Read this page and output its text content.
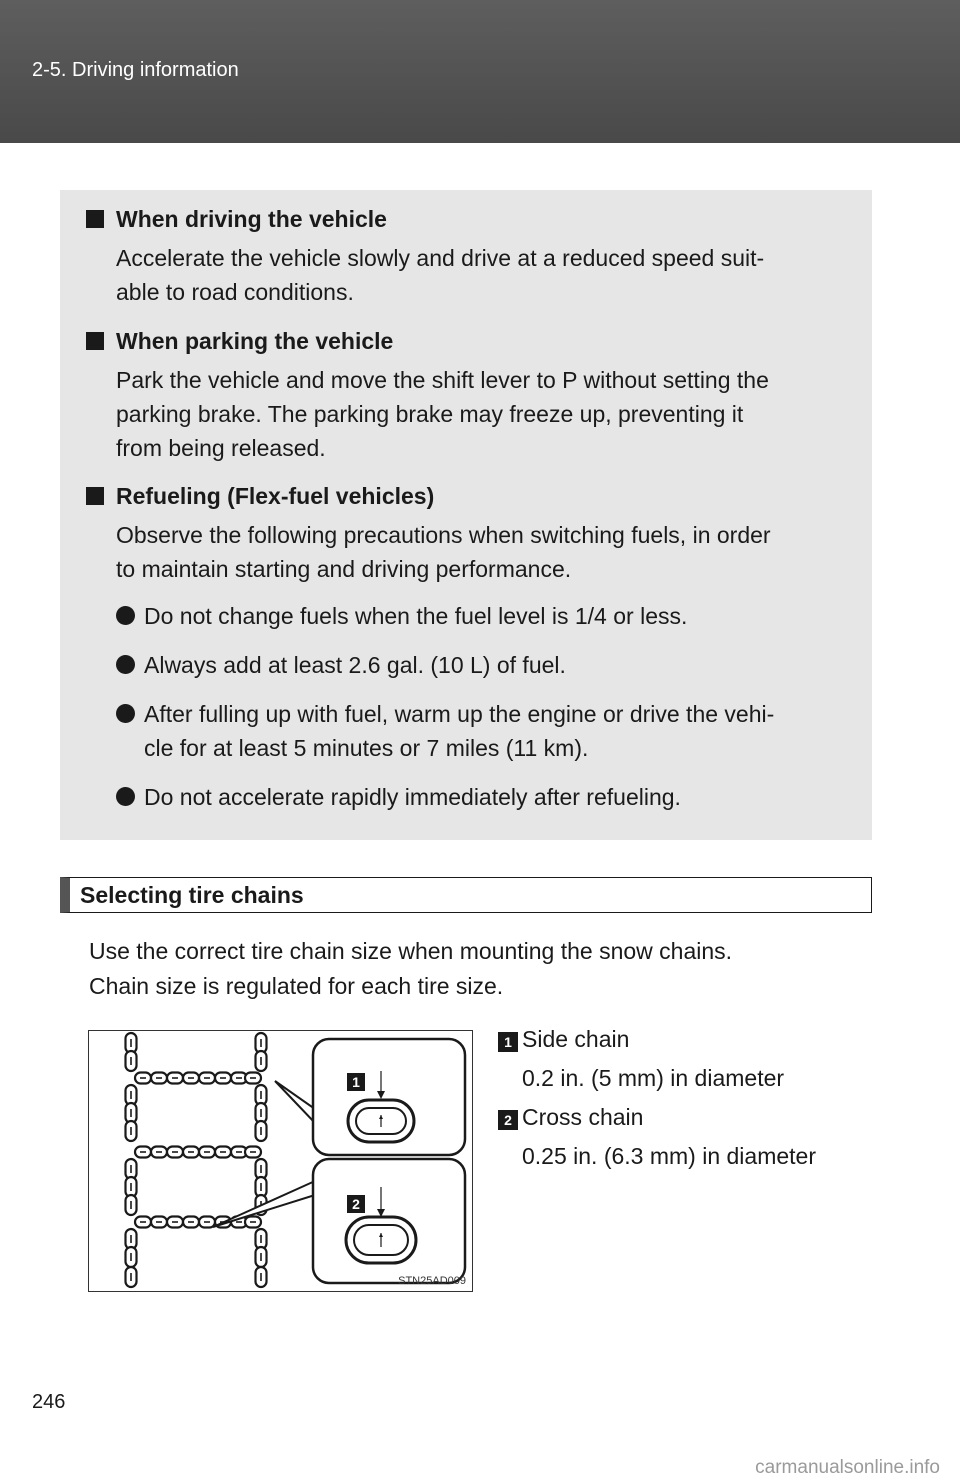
2-5. Driving information
When driving the vehicle
Accelerate the vehicle slowly and drive at a reduced speed suit-
able to road conditions.
When parking the vehicle
Park the vehicle and move the shift lever to P without setting the
parking brake. The parking brake may freeze up, preventing it
from being released.
Refueling (Flex-fuel vehicles)
Observe the following precautions when switching fuels, in order
to maintain starting and driving performance.
Do not change fuels when the fuel level is 1/4 or less.
Always add at least 2.6 gal. (10 L) of fuel.
After fulling up with fuel, warm up the engine or drive the vehi-
cle for at least 5 minutes or 7 miles (11 km).
Do not accelerate rapidly immediately after refueling.
Selecting tire chains
Use the correct tire chain size when mounting the snow chains.
Chain size is regulated for each tire size.
1
2
STN25AD009
1 Side chain
0.2 in. (5 mm) in diameter
2 Cross chain
0.25 in. (6.3 mm) in diameter
246
carmanualsonline.info
